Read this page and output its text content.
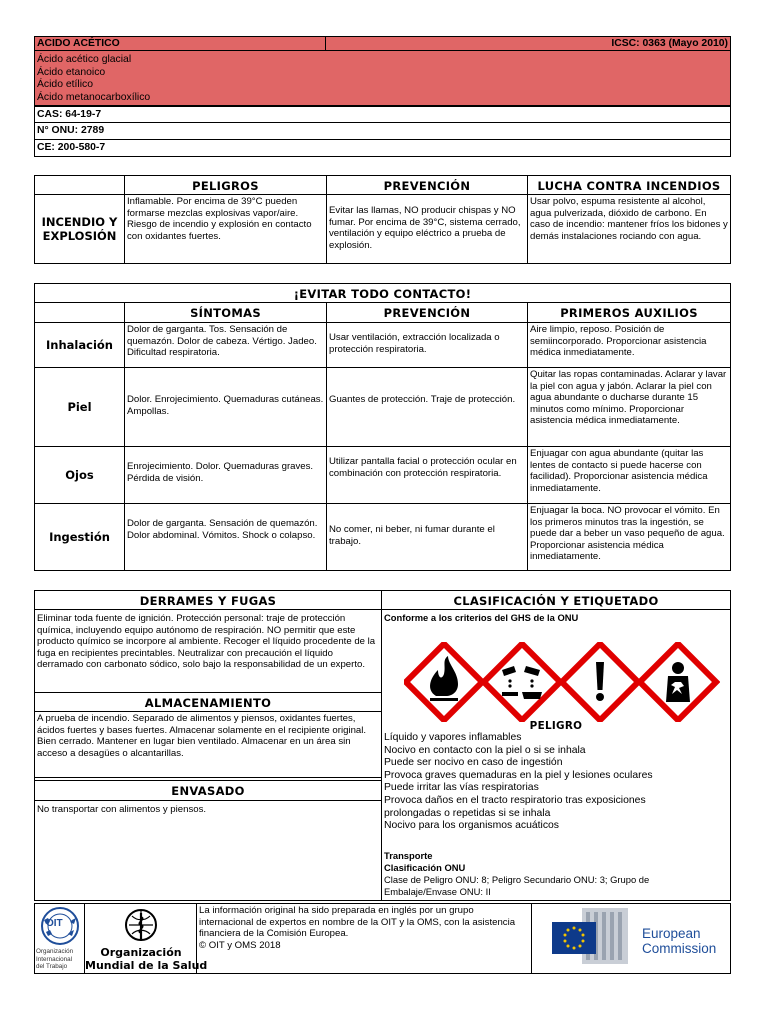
ACIDO ACÉTICO	ICSC: 0363 (Mayo 2010)
Ácido acético glacial
Ácido etanoico
Ácido etílico
Ácido metanocarboxílico
CAS: 64-19-7
N° ONU: 2789
CE: 200-580-7
PELIGROS	PREVENCIÓN	LUCHA CONTRA INCENDIOS
INCENDIO Y EXPLOSIÓN
Inflamable. Por encima de 39°C pueden formarse mezclas explosivas vapor/aire. Riesgo de incendio y explosión en contacto con oxidantes fuertes.
Evitar las llamas, NO producir chispas y NO fumar. Por encima de 39°C, sistema cerrado, ventilación y equipo eléctrico a prueba de explosión.
Usar polvo, espuma resistente al alcohol, agua pulverizada, dióxido de carbono. En caso de incendio: mantener fríos los bidones y demás instalaciones rociando con agua.
¡EVITAR TODO CONTACTO!
SÍNTOMAS	PREVENCIÓN	PRIMEROS AUXILIOS
Inhalación
Dolor de garganta. Tos. Sensación de quemazón. Dolor de cabeza. Vértigo. Jadeo. Dificultad respiratoria.
Usar ventilación, extracción localizada o protección respiratoria.
Aire limpio, reposo. Posición de semiincorporado. Proporcionar asistencia médica inmediatamente.
Piel
Dolor. Enrojecimiento. Quemaduras cutáneas. Ampollas.
Guantes de protección. Traje de protección.
Quitar las ropas contaminadas. Aclarar y lavar la piel con agua y jabón. Aclarar la piel con agua abundante o ducharse durante 15 minutos como mínimo. Proporcionar asistencia médica inmediatamente.
Ojos
Enrojecimiento. Dolor. Quemaduras graves. Pérdida de visión.
Utilizar pantalla facial o protección ocular en combinación con protección respiratoria.
Enjuagar con agua abundante (quitar las lentes de contacto si puede hacerse con facilidad). Proporcionar asistencia médica inmediatamente.
Ingestión
Dolor de garganta. Sensación de quemazón. Dolor abdominal. Vómitos. Shock o colapso.	No comer, ni beber, ni fumar durante el trabajo.
Enjuagar la boca. NO provocar el vómito. En los primeros minutos tras la ingestión, se puede dar a beber un vaso pequeño de agua. Proporcionar asistencia médica inmediatamente.
DERRAMES Y FUGAS
Eliminar toda fuente de ignición. Protección personal: traje de protección química, incluyendo equipo autónomo de respiración. NO permitir que este producto químico se incorpore al ambiente. Recoger el líquido procedente de la fuga en recipientes precintables. Neutralizar con precaución el líquido derramado con carbonato sódico, solo bajo la responsabilidad de un experto.
ALMACENAMIENTO
A prueba de incendio. Separado de alimentos y piensos, oxidantes fuertes, ácidos fuertes y bases fuertes. Almacenar solamente en el recipiente original. Bien cerrado. Mantener en lugar bien ventilado. Almacenar en un área sin acceso a desagües o alcantarillas.
ENVASADO
No transportar con alimentos y piensos.
CLASIFICACIÓN Y ETIQUETADO
Conforme a los criterios del GHS de la ONU
PELIGRO
Líquido y vapores inflamables
Nocivo en contacto con la piel o si se inhala
Puede ser nocivo en caso de ingestión
Provoca graves quemaduras en la piel y lesiones oculares
Puede irritar las vías respiratorias
Provoca daños en el tracto respiratorio tras exposiciones
prolongadas o repetidas si se inhala
Nocivo para los organismos acuáticos
Transporte
Clasificación ONU
Clase de Peligro ONU: 8; Peligro Secundario ONU: 3; Grupo de
Embalaje/Envase ONU: II
OIT
Organización
Internacional
del Trabajo
Organización
Mundial de la Salud
La información original ha sido preparada en inglés por un grupo internacional de expertos en nombre de la OIT y la OMS, con la asistencia financiera de la Comisión Europea.
© OIT y OMS 2018
European
Commission
